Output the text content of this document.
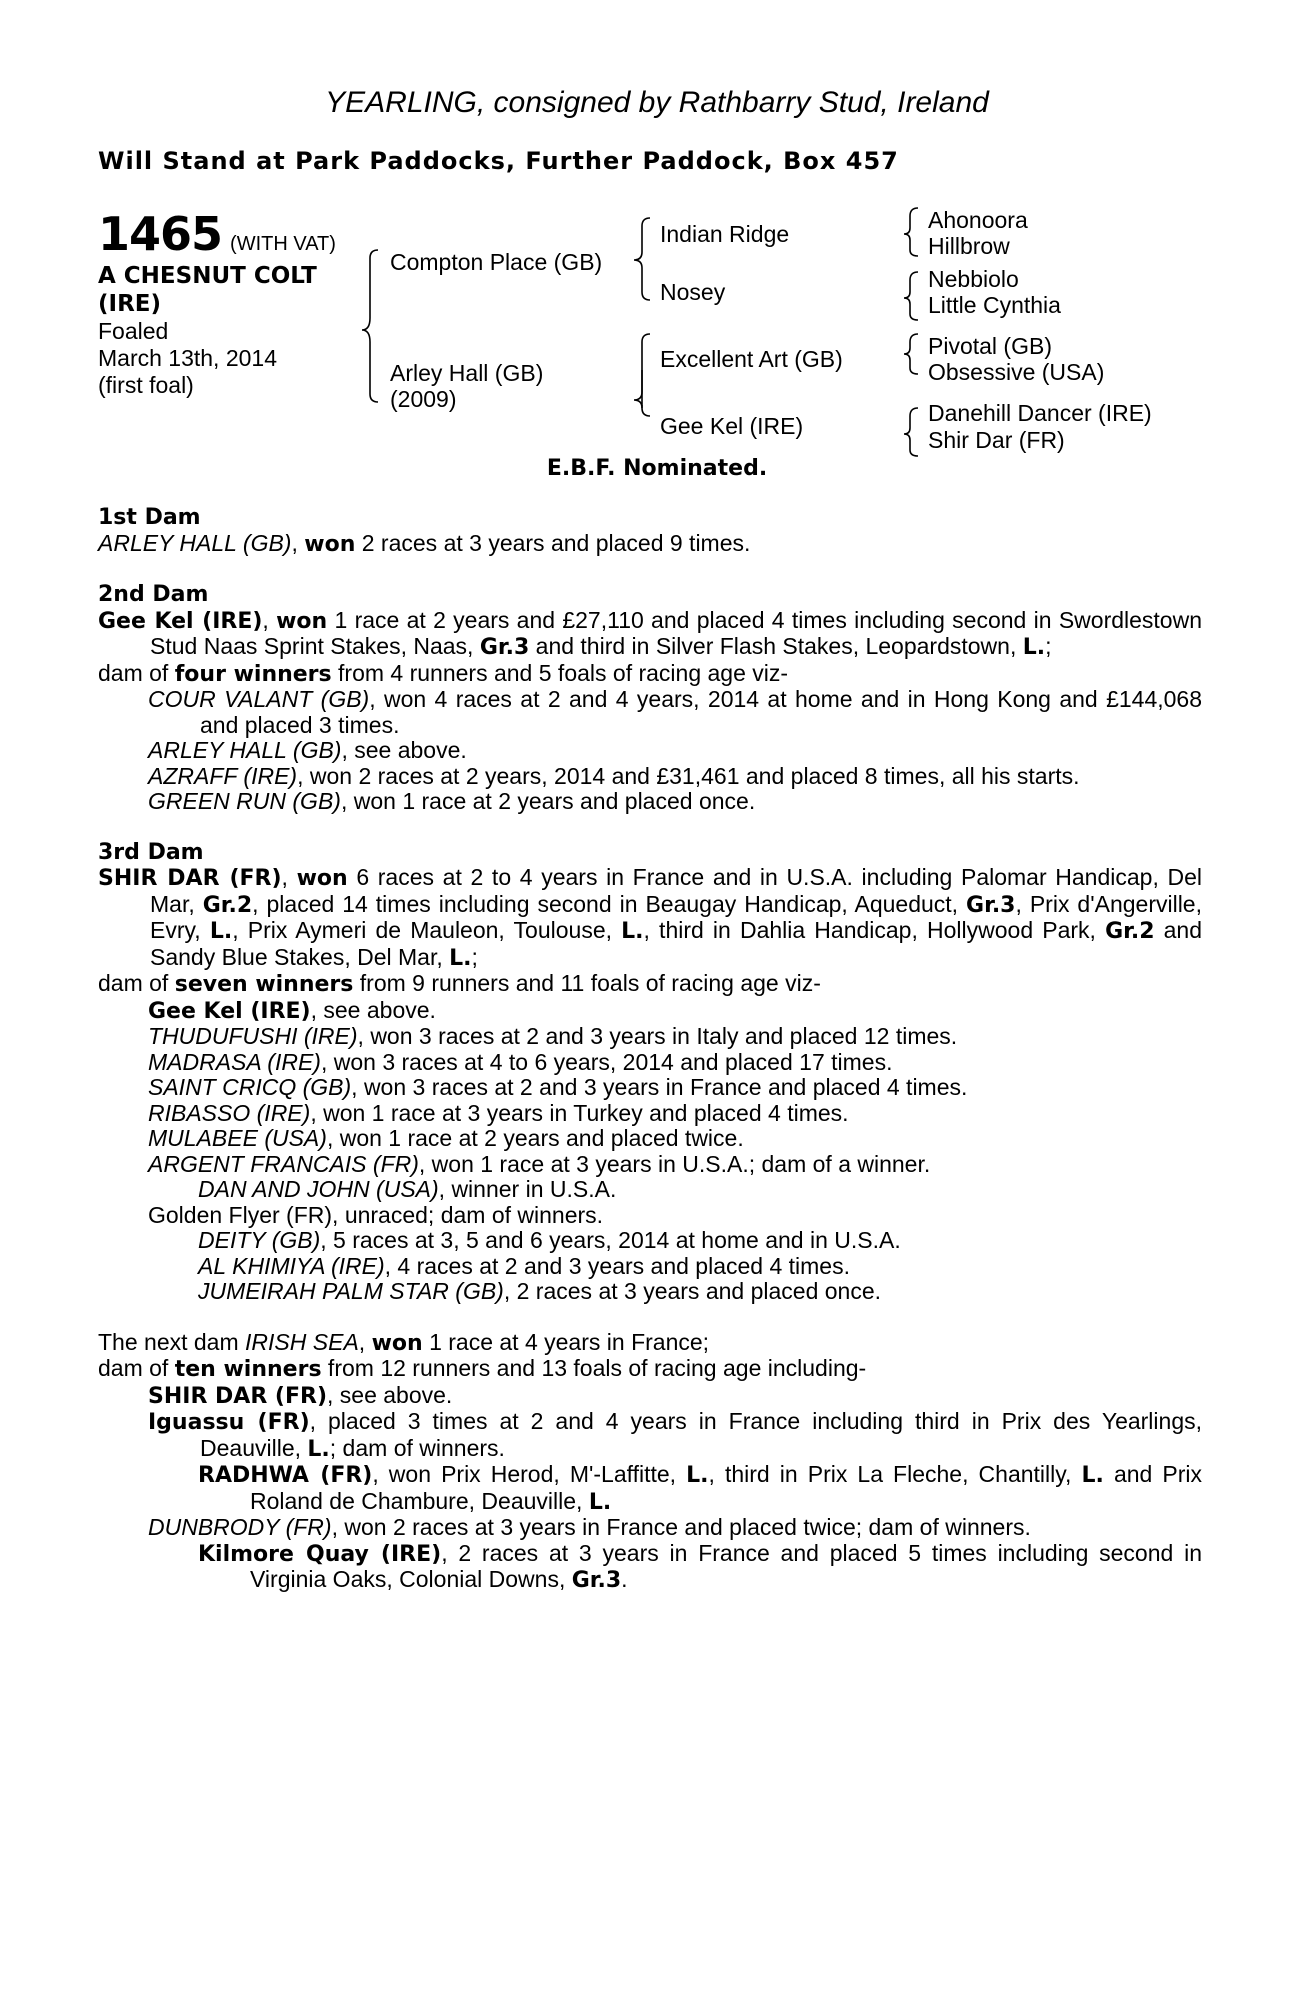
YEARLING, consigned by Rathbarry Stud, Ireland
Will Stand at Park Paddocks, Further Paddock, Box 457
1465 (WITH VAT)
A CHESNUT COLT
(IRE)
Foaled
March 13th, 2014
(first foal)
Compton Place (GB)
Arley Hall (GB)
(2009)
Indian Ridge
Nosey
Excellent Art (GB)
Gee Kel (IRE)
Ahonoora
Hillbrow
Nebbiolo
Little Cynthia
Pivotal (GB)
Obsessive (USA)
Danehill Dancer (IRE)
Shir Dar (FR)
E.B.F. Nominated.
1st Dam
ARLEY HALL (GB), won 2 races at 3 years and placed 9 times.
2nd Dam
Gee Kel (IRE), won 1 race at 2 years and £27,110 and placed 4 times including second in Swordlestown Stud Naas Sprint Stakes, Naas, Gr.3 and third in Silver Flash Stakes, Leopardstown, L.;
dam of four winners from 4 runners and 5 foals of racing age viz-
COUR VALANT (GB), won 4 races at 2 and 4 years, 2014 at home and in Hong Kong and £144,068 and placed 3 times.
ARLEY HALL (GB), see above.
AZRAFF (IRE), won 2 races at 2 years, 2014 and £31,461 and placed 8 times, all his starts.
GREEN RUN (GB), won 1 race at 2 years and placed once.
3rd Dam
SHIR DAR (FR), won 6 races at 2 to 4 years in France and in U.S.A. including Palomar Handicap, Del Mar, Gr.2, placed 14 times including second in Beaugay Handicap, Aqueduct, Gr.3, Prix d'Angerville, Evry, L., Prix Aymeri de Mauleon, Toulouse, L., third in Dahlia Handicap, Hollywood Park, Gr.2 and Sandy Blue Stakes, Del Mar, L.;
dam of seven winners from 9 runners and 11 foals of racing age viz-
Gee Kel (IRE), see above.
THUDUFUSHI (IRE), won 3 races at 2 and 3 years in Italy and placed 12 times.
MADRASA (IRE), won 3 races at 4 to 6 years, 2014 and placed 17 times.
SAINT CRICQ (GB), won 3 races at 2 and 3 years in France and placed 4 times.
RIBASSO (IRE), won 1 race at 3 years in Turkey and placed 4 times.
MULABEE (USA), won 1 race at 2 years and placed twice.
ARGENT FRANCAIS (FR), won 1 race at 3 years in U.S.A.; dam of a winner.
DAN AND JOHN (USA), winner in U.S.A.
Golden Flyer (FR), unraced; dam of winners.
DEITY (GB), 5 races at 3, 5 and 6 years, 2014 at home and in U.S.A.
AL KHIMIYA (IRE), 4 races at 2 and 3 years and placed 4 times.
JUMEIRAH PALM STAR (GB), 2 races at 3 years and placed once.
The next dam IRISH SEA, won 1 race at 4 years in France;
dam of ten winners from 12 runners and 13 foals of racing age including-
SHIR DAR (FR), see above.
Iguassu (FR), placed 3 times at 2 and 4 years in France including third in Prix des Yearlings, Deauville, L.; dam of winners.
RADHWA (FR), won Prix Herod, M'-Laffitte, L., third in Prix La Fleche, Chantilly, L. and Prix Roland de Chambure, Deauville, L.
DUNBRODY (FR), won 2 races at 3 years in France and placed twice; dam of winners.
Kilmore Quay (IRE), 2 races at 3 years in France and placed 5 times including second in Virginia Oaks, Colonial Downs, Gr.3.
